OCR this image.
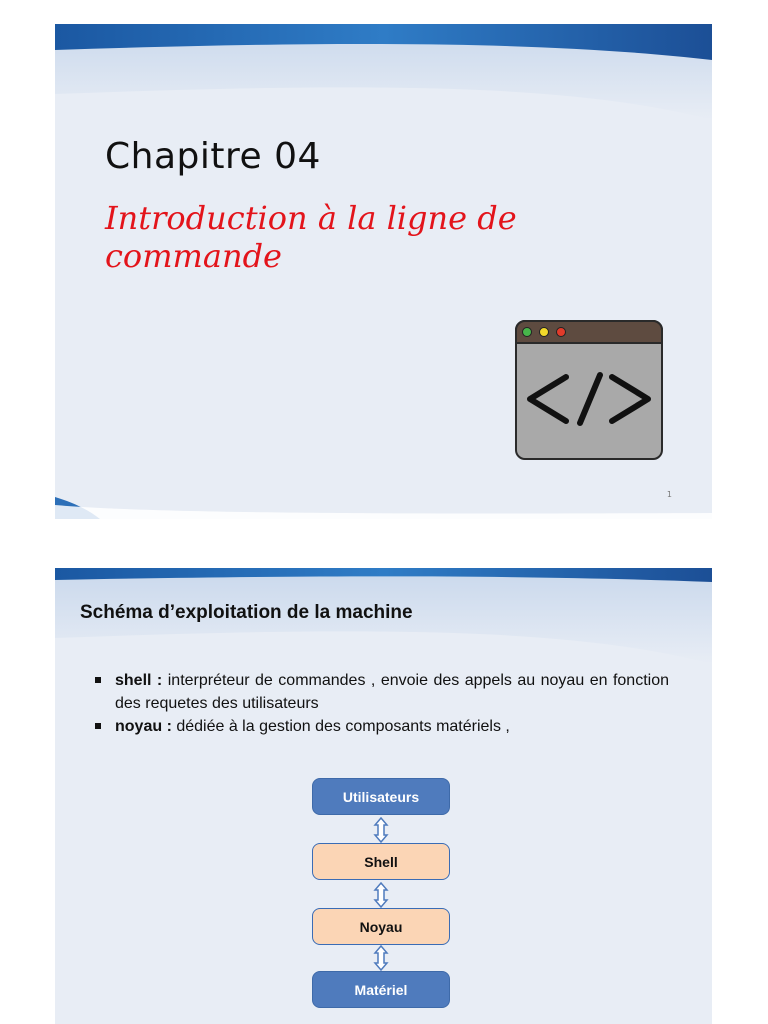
Chapitre 04
Introduction à la ligne de commande
1
Schéma d’exploitation de la machine
shell : interpréteur de commandes , envoie des appels au noyau en fonction des requetes des utilisateurs
noyau : dédiée à la gestion des composants matériels ,
Utilisateurs
Shell
Noyau
Matériel
